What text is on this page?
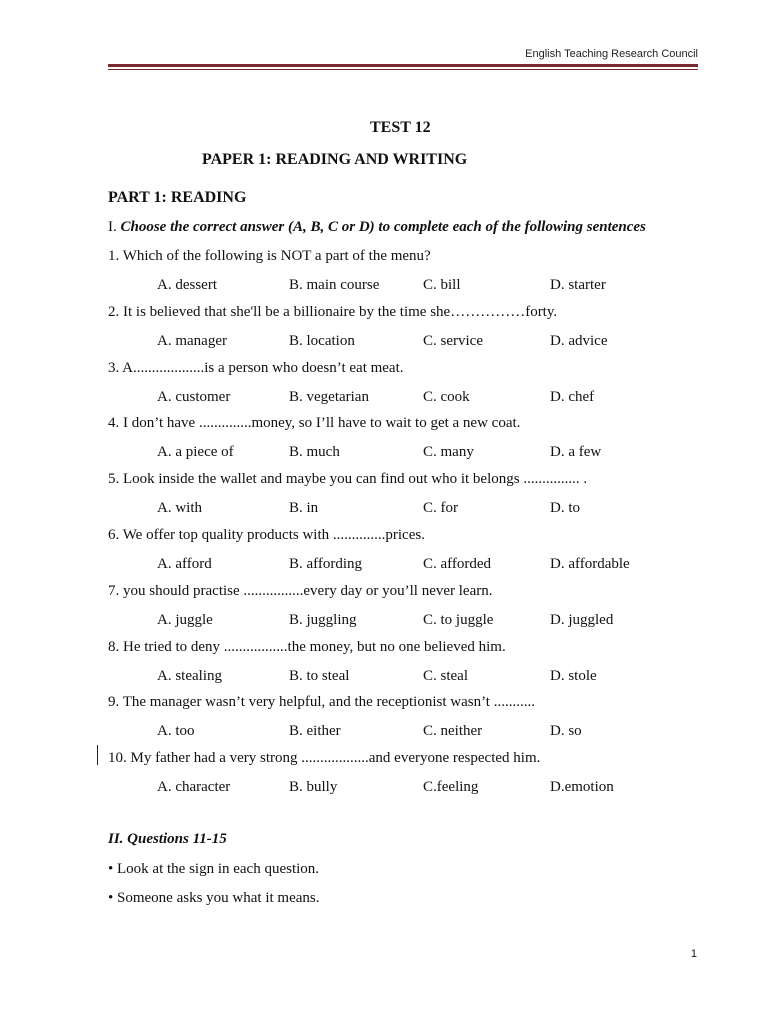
English Teaching Research Council
TEST 12
PAPER 1: READING AND WRITING
PART 1: READING
I. Choose the correct answer (A, B, C or D) to complete each of the following sentences
1. Which of the following is NOT a part of the menu?
A. dessert	B. main course	C. bill	D. starter
2. It is believed that she'll be a billionaire by the time she……………forty.
A. manager	B. location	C. service	D. advice
3. A...................is a person who doesn’t eat meat.
A. customer	B. vegetarian	C. cook	D. chef
4. I don’t have ..............money, so I’ll have to wait to get a new coat.
A. a piece of	B. much	C. many	D. a few
5. Look inside the wallet and maybe you can find out who it belongs ............... .
A. with	B. in	C. for	D. to
6. We offer top quality products with ..............prices.
A. afford	B. affording	C. afforded	D. affordable
7. you should practise ................every day or you’ll never learn.
A. juggle	B. juggling	C. to juggle	D. juggled
8. He tried to deny .................the money, but no one believed him.
A. stealing	B. to steal	C. steal	D. stole
9. The manager wasn’t very helpful, and the receptionist wasn’t ...........
A. too	B. either	C. neither	D. so
10. My father had a very strong ..................and everyone respected him.
A. character	B. bully	C.feeling	D.emotion
II. Questions 11-15
• Look at the sign in each question.
• Someone asks you what it means.
1
